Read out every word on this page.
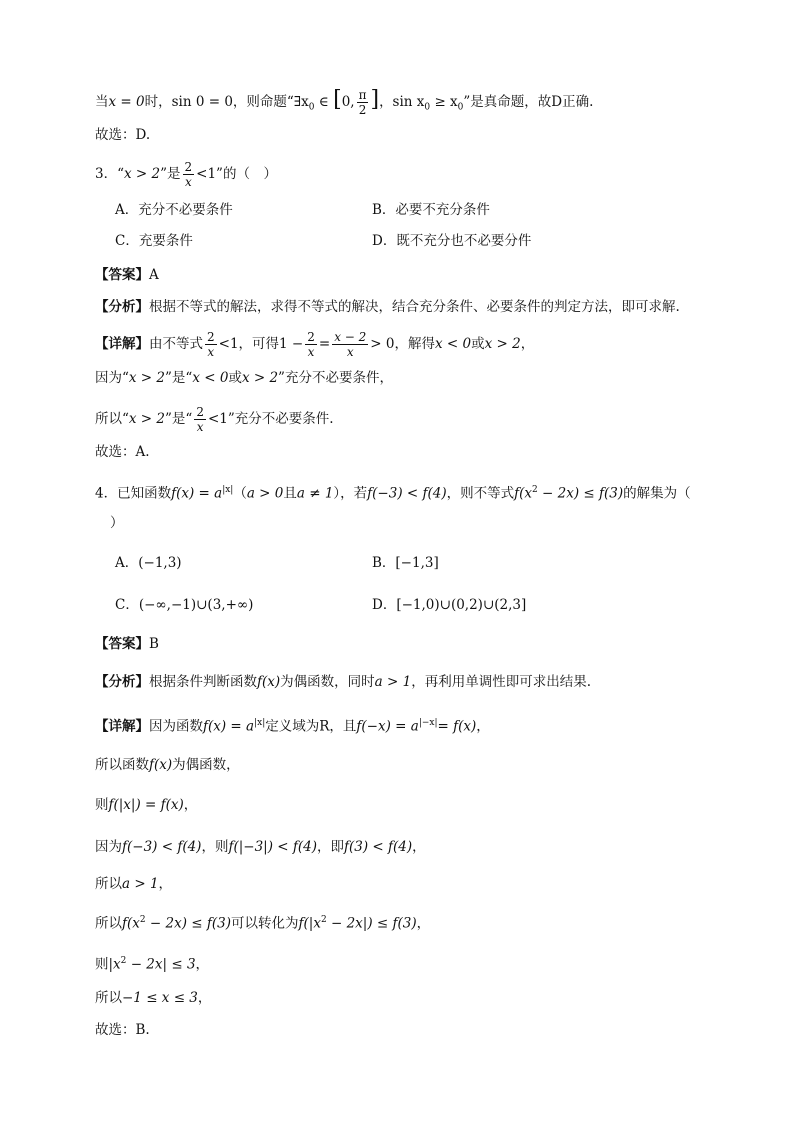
当x = 0时，sin 0 = 0，则命题“$\exists x_0$ ∈ [0, $\frac{\pi}{2}$ ]，$\sin x_0 \ge x_0$”是真命题，故D正确.
故选：D.
3．“x > 2”是 $\frac{2}{x} <1$”的（　）
A．充分不必要条件	B．必要不充分条件
C．充要条件	D．既不充分也不必要分件
【答案】A
【分析】根据不等式的解法，求得不等式的解决，结合充分条件、必要条件的判定方法，即可求解.
【详解】由不等式 $\frac{2}{x} <1$，可得$1 - \frac{2}{x} = \frac{x - 2}{x} > 0$，解得x < 0或x > 2，
因为“x > 2”是“x < 0或x > 2”充分不必要条件，
所以“x > 2”是“ $\frac{2}{x} <1$”充分不必要条件.
故选：A.
4．已知函数$f(x) = a^{|x|}(a > 0$且a ≠ 1），若f(−3) < f(4)，则不等式$f(x^2 - 2x) \le f(3)$的解集为（
）
A．(−1,3)	B．[−1,3]
C．(−∞,−1)∪(3,+∞)	D．[−1,0)∪(0,2)∪(2,3]
【答案】B
【分析】根据条件判断函数f(x)为偶函数，同时a > 1，再利用单调性即可求出结果.
【详解】因为函数$f(x) = a^{|x|}$定义域为R，且$f(-x) = a^{|-x|}= f(x)$，
所以函数f(x)为偶函数，
则f(|x|) = f(x)，
因为f(−3) < f(4)，则f(|−3|) < f(4)，即f(3) < f(4)，
所以a > 1，
所以$f(x^2 - 2x) \le f(3)$可以转化为$f(|x^2 - 2x|) \le f(3)$，
则$|x^2 - 2x| \le 3$，
所以−1 ≤ x ≤ 3，
故选：B.
